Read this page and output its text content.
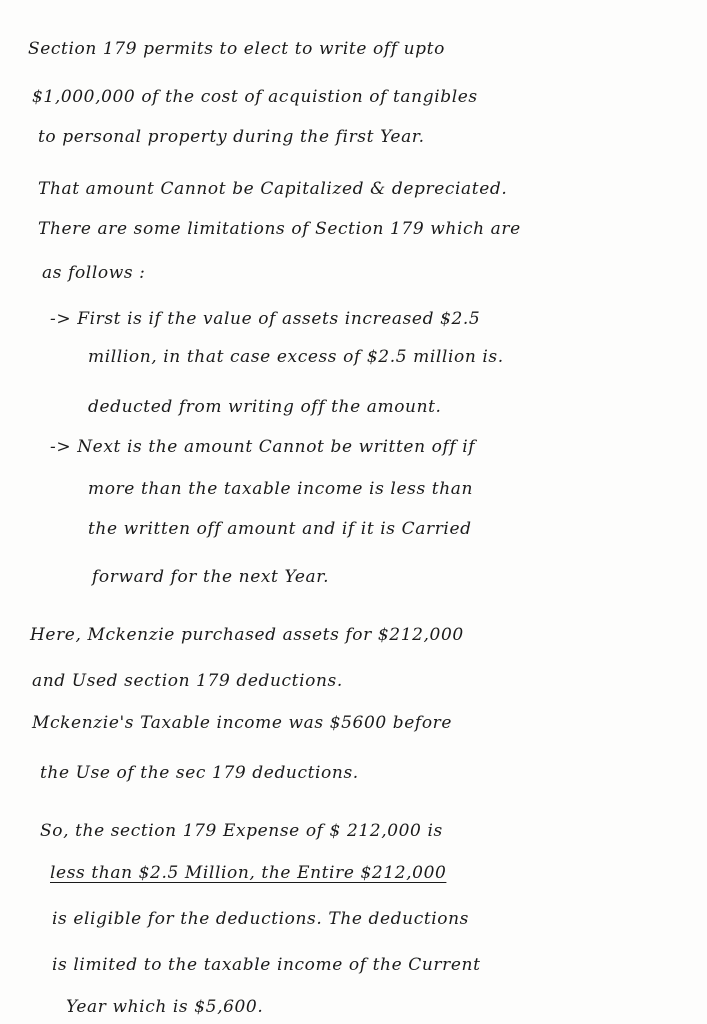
Section 179 permits to elect to write off upto
$1,000,000 of the cost of acquistion of tangibles
to personal property during the first Year.
That amount Cannot be Capitalized & depreciated.
There are some limitations of Section 179 which are
as follows :
-> First is if the value of assets increased $2.5
million, in that case excess of $2.5 million is.
deducted from writing off the amount.
-> Next is the amount Cannot be written off if
more than the taxable income is less than
the written off amount and if it is Carried
forward for the next Year.
Here, Mckenzie purchased assets for $212,000
and Used section 179 deductions.
Mckenzie's Taxable income was $5600 before
the Use of the sec 179 deductions.
So, the section 179 Expense of $ 212,000 is
less than $2.5 Million, the Entire $212,000
is eligible for the deductions. The deductions
is limited to the taxable income of the Current
Year which is $5,600.
